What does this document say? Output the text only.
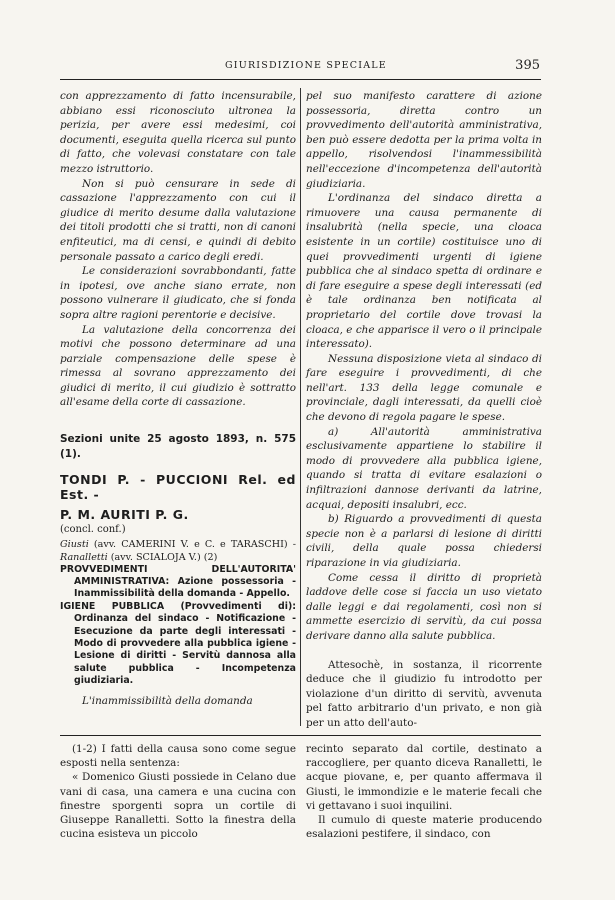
GIURISDIZIONE SPECIALE	395

con apprezzamento di fatto incensurabile, abbiano essi riconosciuto ultronea la perizia, per avere essi medesimi, coi documenti, eseguita quella ricerca sul punto di fatto, che volevasi constatare con tale mezzo istruttorio.

Non si può censurare in sede di cassazione l'apprezzamento con cui il giudice di merito desume dalla valutazione dei titoli prodotti che si tratti, non di canoni enfiteutici, ma di censi, e quindi di debito personale passato a carico degli eredi.

Le considerazioni sovrabbondanti, fatte in ipotesi, ove anche siano errate, non possono vulnerare il giudicato, che si fonda sopra altre ragioni perentorie e decisive.

La valutazione della concorrenza dei motivi che possono determinare ad una parziale compensazione delle spese è rimessa al sovrano apprezzamento dei giudici di merito, il cui giudizio è sottratto all'esame della corte di cassazione.

Sezioni unite 25 agosto 1893, n. 575 (1).

TONDI P. - PUCCIONI Rel. ed Est. -

P. M. AURITI P. G.

(concl. conf.)

Giusti (avv. CAMERINI V. e C. e TARASCHI) - Ranalletti (avv. SCIALOJA V.) (2)

PROVVEDIMENTI DELL'AUTORITA' AMMINISTRATIVA: Azione possessoria - Inammissibilità della domanda - Appello.

IGIENE PUBBLICA (Provvedimenti di): Ordinanza del sindaco - Notificazione - Esecuzione da parte degli interessati - Modo di provvedere alla pubblica igiene - Lesione di diritti - Servitù dannosa alla salute pubblica - Incompetenza giudiziaria.

L'inammissibilità della domanda

pel suo manifesto carattere di azione possessoria, diretta contro un provvedimento dell'autorità amministrativa, ben può essere dedotta per la prima volta in appello, risolvendosi l'inammessibilità nell'eccezione d'incompetenza dell'autorità giudiziaria.

L'ordinanza del sindaco diretta a rimuovere una causa permanente di insalubrità (nella specie, una cloaca esistente in un cortile) costituisce uno di quei provvedimenti urgenti di igiene pubblica che al sindaco spetta di ordinare e di fare eseguire a spese degli interessati (ed è tale ordinanza ben notificata al proprietario del cortile dove trovasi la cloaca, e che apparisce il vero o il principale interessato).

Nessuna disposizione vieta al sindaco di fare eseguire i provvedimenti, di che nell'art. 133 della legge comunale e provinciale, dagli interessati, da quelli cioè che devono di regola pagare le spese.

a) All'autorità amministrativa esclusivamente appartiene lo stabilire il modo di provvedere alla pubblica igiene, quando si tratta di evitare esalazioni o infiltrazioni dannose derivanti da latrine, acquai, depositi insalubri, ecc.

b) Riguardo a provvedimenti di questa specie non è a parlarsi di lesione di diritti civili, della quale possa chiedersi riparazione in via giudiziaria.

Come cessa il diritto di proprietà laddove delle cose si faccia un uso vietato dalle leggi e dai regolamenti, così non si ammette esercizio di servitù, da cui possa derivare danno alla salute pubblica.

Attesochè, in sostanza, il ricorrente deduce che il giudizio fu introdotto per violazione d'un diritto di servitù, avvenuta pel fatto arbitrario d'un privato, e non già per un atto dell'auto-

(1-2) I fatti della causa sono come segue esposti nella sentenza:

« Domenico Giusti possiede in Celano due vani di casa, una camera e una cucina con finestre sporgenti sopra un cortile di Giuseppe Ranalletti. Sotto la finestra della cucina esisteva un piccolo

recinto separato dal cortile, destinato a raccogliere, per quanto diceva Ranalletti, le acque piovane, e, per quanto affermava il Giusti, le immondizie e le materie fecali che vi gettavano i suoi inquilini.

Il cumulo di queste materie producendo esalazioni pestifere, il sindaco, con
